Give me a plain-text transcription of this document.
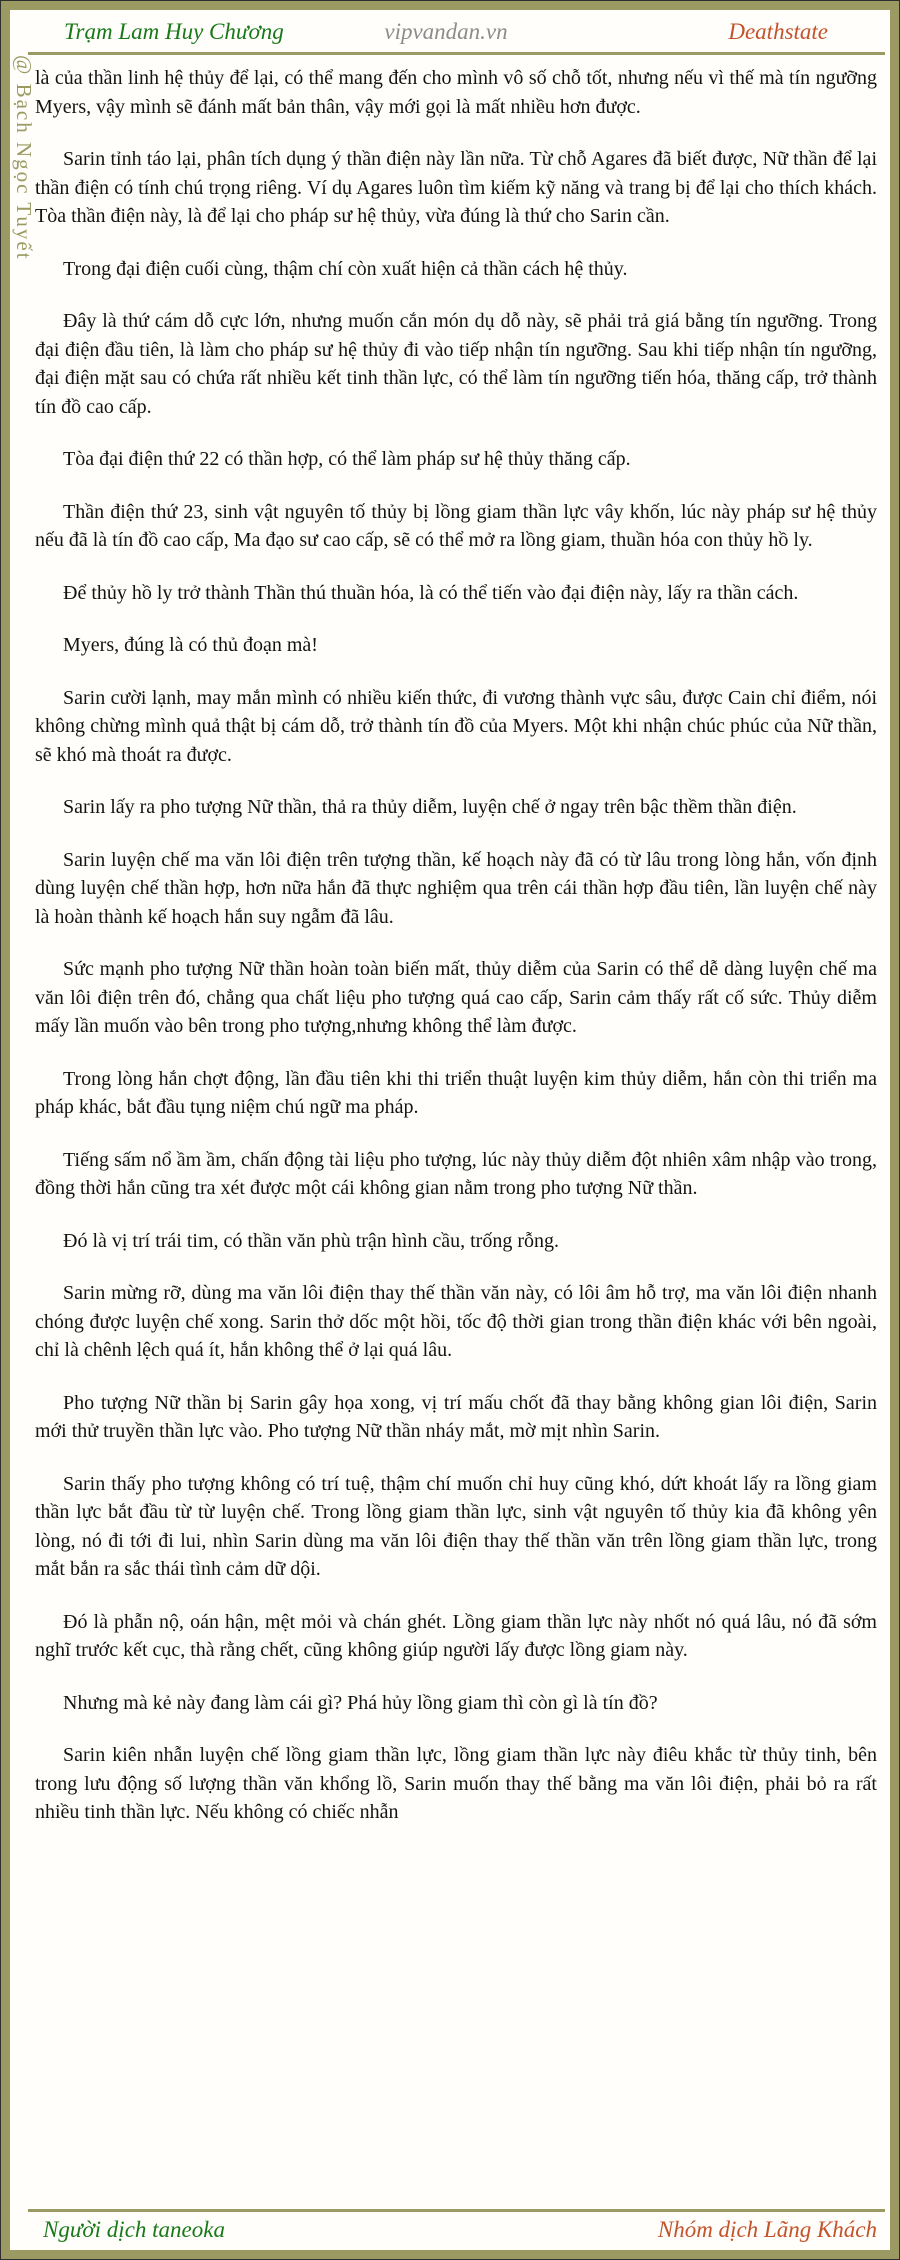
Trạm Lam Huy Chương	vipvandan.vn	Deathstate
@ Bạch Ngọc Tuyết là của thần linh hệ thủy để lại, có thể mang đến cho mình vô số chỗ tốt, nhưng nếu vì thế mà tín ngưỡng Myers, vậy mình sẽ đánh mất bản thân, vậy mới gọi là mất nhiều hơn được.

Sarin tỉnh táo lại, phân tích dụng ý thần điện này lần nữa. Từ chỗ Agares đã biết được, Nữ thần để lại thần điện có tính chú trọng riêng. Ví dụ Agares luôn tìm kiếm kỹ năng và trang bị để lại cho thích khách. Tòa thần điện này, là để lại cho pháp sư hệ thủy, vừa đúng là thứ cho Sarin cần.

Trong đại điện cuối cùng, thậm chí còn xuất hiện cả thần cách hệ thủy.

Đây là thứ cám dỗ cực lớn, nhưng muốn cắn món dụ dỗ này, sẽ phải trả giá bằng tín ngưỡng. Trong đại điện đầu tiên, là làm cho pháp sư hệ thủy đi vào tiếp nhận tín ngưỡng. Sau khi tiếp nhận tín ngưỡng, đại điện mặt sau có chứa rất nhiều kết tinh thần lực, có thể làm tín ngưỡng tiến hóa, thăng cấp, trở thành tín đồ cao cấp.

Tòa đại điện thứ 22 có thần hợp, có thể làm pháp sư hệ thủy thăng cấp.

Thần điện thứ 23, sinh vật nguyên tố thủy bị lồng giam thần lực vây khốn, lúc này pháp sư hệ thủy nếu đã là tín đồ cao cấp, Ma đạo sư cao cấp, sẽ có thể mở ra lồng giam, thuần hóa con thủy hồ ly.

Để thủy hồ ly trở thành Thần thú thuần hóa, là có thể tiến vào đại điện này, lấy ra thần cách.

Myers, đúng là có thủ đoạn mà!

Sarin cười lạnh, may mắn mình có nhiều kiến thức, đi vương thành vực sâu, được Cain chỉ điểm, nói không chừng mình quả thật bị cám dỗ, trở thành tín đồ của Myers. Một khi nhận chúc phúc của Nữ thần, sẽ khó mà thoát ra được.

Sarin lấy ra pho tượng Nữ thần, thả ra thủy diễm, luyện chế ở ngay trên bậc thềm thần điện.

Sarin luyện chế ma văn lôi điện trên tượng thần, kế hoạch này đã có từ lâu trong lòng hắn, vốn định dùng luyện chế thần hợp, hơn nữa hắn đã thực nghiệm qua trên cái thần hợp đầu tiên, lần luyện chế này là hoàn thành kế hoạch hắn suy ngẫm đã lâu.

Sức mạnh pho tượng Nữ thần hoàn toàn biến mất, thủy diễm của Sarin có thể dễ dàng luyện chế ma văn lôi điện trên đó, chẳng qua chất liệu pho tượng quá cao cấp, Sarin cảm thấy rất cố sức. Thủy diễm mấy lần muốn vào bên trong pho tượng,nhưng không thể làm được.

Trong lòng hắn chợt động, lần đầu tiên khi thi triển thuật luyện kim thủy diễm, hắn còn thi triển ma pháp khác, bắt đầu tụng niệm chú ngữ ma pháp.

Tiếng sấm nổ ầm ầm, chấn động tài liệu pho tượng, lúc này thủy diễm đột nhiên xâm nhập vào trong, đồng thời hắn cũng tra xét được một cái không gian nằm trong pho tượng Nữ thần.

Đó là vị trí trái tim, có thần văn phù trận hình cầu, trống rỗng.

Sarin mừng rỡ, dùng ma văn lôi điện thay thế thần văn này, có lôi âm hỗ trợ, ma văn lôi điện nhanh chóng được luyện chế xong. Sarin thở dốc một hồi, tốc độ thời gian trong thần điện khác với bên ngoài, chỉ là chênh lệch quá ít, hắn không thể ở lại quá lâu.

Pho tượng Nữ thần bị Sarin gây họa xong, vị trí mấu chốt đã thay bằng không gian lôi điện, Sarin mới thử truyền thần lực vào. Pho tượng Nữ thần nháy mắt, mờ mịt nhìn Sarin.

Sarin thấy pho tượng không có trí tuệ, thậm chí muốn chỉ huy cũng khó, dứt khoát lấy ra lồng giam thần lực bắt đầu từ từ luyện chế. Trong lồng giam thần lực, sinh vật nguyên tố thủy kia đã không yên lòng, nó đi tới đi lui, nhìn Sarin dùng ma văn lôi điện thay thế thần văn trên lồng giam thần lực, trong mắt bắn ra sắc thái tình cảm dữ dội.

Đó là phẫn nộ, oán hận, mệt mỏi và chán ghét. Lồng giam thần lực này nhốt nó quá lâu, nó đã sớm nghĩ trước kết cục, thà rằng chết, cũng không giúp người lấy được lồng giam này.

Nhưng mà kẻ này đang làm cái gì? Phá hủy lồng giam thì còn gì là tín đồ?

Sarin kiên nhẫn luyện chế lồng giam thần lực, lồng giam thần lực này điêu khắc từ thủy tinh, bên trong lưu động số lượng thần văn khổng lồ, Sarin muốn thay thế bằng ma văn lôi điện, phải bỏ ra rất nhiều tinh thần lực. Nếu không có chiếc nhẫn

Người dịch taneoka	Nhóm dịch Lãng Khách
